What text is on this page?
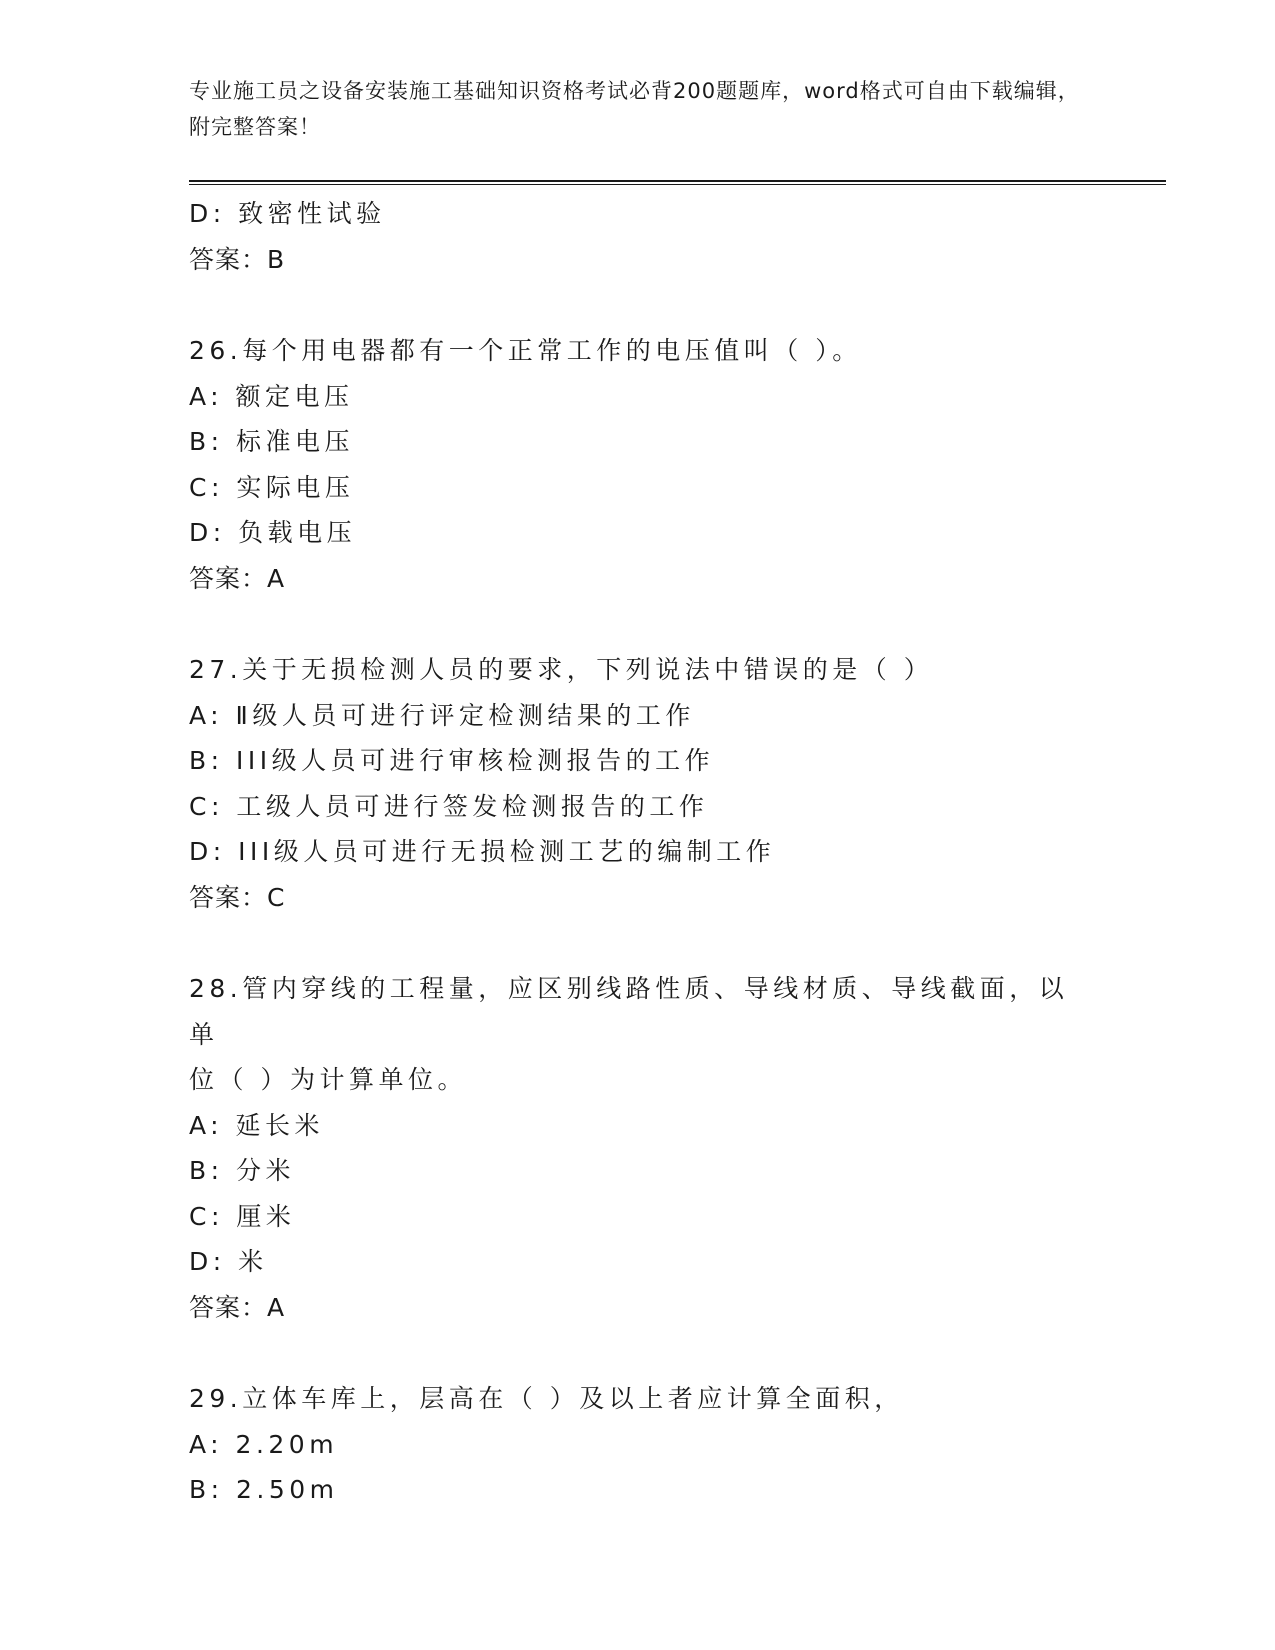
专业施工员之设备安装施工基础知识资格考试必背200题题库，word格式可自由下载编辑，附完整答案！
D: 致密性试验
答案：B
26.每个用电器都有一个正常工作的电压值叫（ ）。
A: 额定电压
B: 标准电压
C: 实际电压
D: 负载电压
答案：A
27.关于无损检测人员的要求，下列说法中错误的是（ ）
A: Ⅱ级人员可进行评定检测结果的工作
B: III级人员可进行审核检测报告的工作
C: 工级人员可进行签发检测报告的工作
D: III级人员可进行无损检测工艺的编制工作
答案：C
28.管内穿线的工程量，应区别线路性质、导线材质、导线截面，以单
位（ ）为计算单位。
A: 延长米
B: 分米
C: 厘米
D: 米
答案：A
29.立体车库上，层高在（ ）及以上者应计算全面积，
A: 2.20m
B: 2.50m
